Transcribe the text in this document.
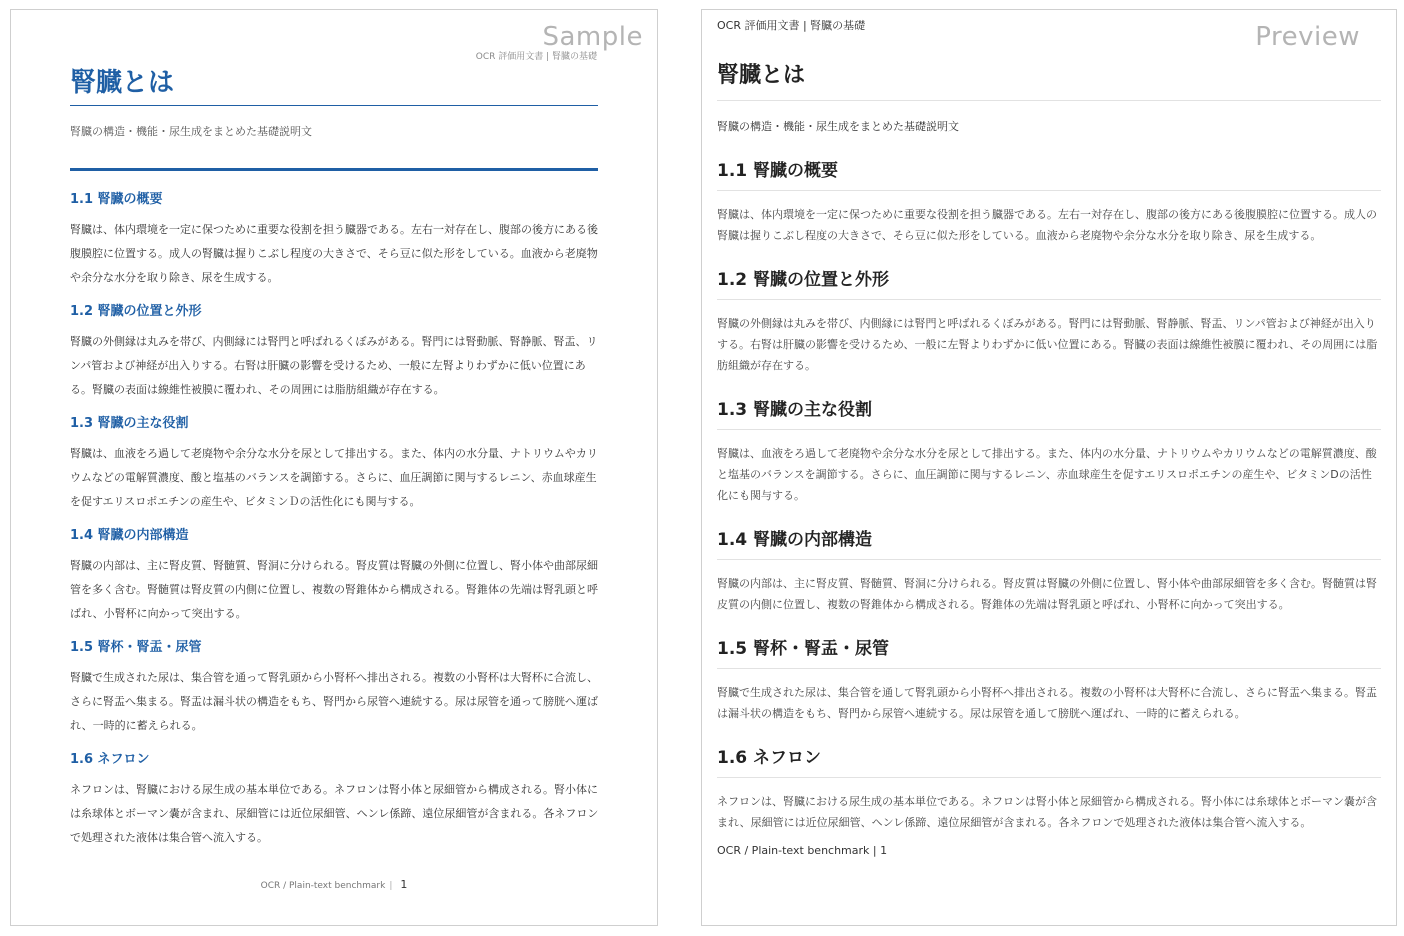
Sample
OCR 評価用文書 | 腎臓の基礎
腎臓とは
腎臓の構造・機能・尿生成をまとめた基礎説明文
1.1 腎臓の概要
腎臓は、体内環境を一定に保つために重要な役割を担う臓器である。左右一対存在し、腹部の後方にある後腹膜腔に位置する。成人の腎臓は握りこぶし程度の大きさで、そら豆に似た形をしている。血液から老廃物や余分な水分を取り除き、尿を生成する。
1.2 腎臓の位置と外形
腎臓の外側縁は丸みを帯び、内側縁には腎門と呼ばれるくぼみがある。腎門には腎動脈、腎静脈、腎盂、リンパ管および神経が出入りする。右腎は肝臓の影響を受けるため、一般に左腎よりわずかに低い位置にある。腎臓の表面は線維性被膜に覆われ、その周囲には脂肪組織が存在する。
1.3 腎臓の主な役割
腎臓は、血液をろ過して老廃物や余分な水分を尿として排出する。また、体内の水分量、ナトリウムやカリウムなどの電解質濃度、酸と塩基のバランスを調節する。さらに、血圧調節に関与するレニン、赤血球産生を促すエリスロポエチンの産生や、ビタミンＤの活性化にも関与する。
1.4 腎臓の内部構造
腎臓の内部は、主に腎皮質、腎髄質、腎洞に分けられる。腎皮質は腎臓の外側に位置し、腎小体や曲部尿細管を多く含む。腎髄質は腎皮質の内側に位置し、複数の腎錐体から構成される。腎錐体の先端は腎乳頭と呼ばれ、小腎杯に向かって突出する。
1.5 腎杯・腎盂・尿管
腎臓で生成された尿は、集合管を通って腎乳頭から小腎杯へ排出される。複数の小腎杯は大腎杯に合流し、さらに腎盂へ集まる。腎盂は漏斗状の構造をもち、腎門から尿管へ連続する。尿は尿管を通って膀胱へ運ばれ、一時的に蓄えられる。
1.6 ネフロン
ネフロンは、腎臓における尿生成の基本単位である。ネフロンは腎小体と尿細管から構成される。腎小体には糸球体とボーマン嚢が含まれ、尿細管には近位尿細管、ヘンレ係蹄、遠位尿細管が含まれる。各ネフロンで処理された液体は集合管へ流入する。
OCR / Plain-text benchmark | 1
Preview
OCR 評価用文書 | 腎臓の基礎
腎臓とは
腎臓の構造・機能・尿生成をまとめた基礎説明文
1.1 腎臓の概要

腎臓は、体内環境を一定に保つために重要な役割を担う臓器である。左右一対存在し、腹部の後方にある後腹膜腔に位置する。成人の腎臓は握りこぶし程度の大きさで、そら豆に似た形をしている。血液から老廃物や余分な水分を取り除き、尿を生成する。

1.2 腎臓の位置と外形

腎臓の外側縁は丸みを帯び、内側縁には腎門と呼ばれるくぼみがある。腎門には腎動脈、腎静脈、腎盂、リンパ管および神経が出入りする。右腎は肝臓の影響を受けるため、一般に左腎よりわずかに低い位置にある。腎臓の表面は線維性被膜に覆われ、その周囲には脂肪組織が存在する。

1.3 腎臓の主な役割

腎臓は、血液をろ過して老廃物や余分な水分を尿として排出する。また、体内の水分量、ナトリウムやカリウムなどの電解質濃度、酸と塩基のバランスを調節する。さらに、血圧調節に関与するレニン、赤血球産生を促すエリスロポエチンの産生や、ビタミンDの活性化にも関与する。

1.4 腎臓の内部構造

腎臓の内部は、主に腎皮質、腎髄質、腎洞に分けられる。腎皮質は腎臓の外側に位置し、腎小体や曲部尿細管を多く含む。腎髄質は腎皮質の内側に位置し、複数の腎錐体から構成される。腎錐体の先端は腎乳頭と呼ばれ、小腎杯に向かって突出する。

1.5 腎杯・腎盂・尿管

腎臓で生成された尿は、集合管を通して腎乳頭から小腎杯へ排出される。複数の小腎杯は大腎杯に合流し、さらに腎盂へ集まる。腎盂は漏斗状の構造をもち、腎門から尿管へ連続する。尿は尿管を通して膀胱へ運ばれ、一時的に蓄えられる。

1.6 ネフロン

ネフロンは、腎臓における尿生成の基本単位である。ネフロンは腎小体と尿細管から構成される。腎小体には糸球体とボーマン嚢が含まれ、尿細管には近位尿細管、ヘンレ係蹄、遠位尿細管が含まれる。各ネフロンで処理された液体は集合管へ流入する。

OCR / Plain-text benchmark | 1
